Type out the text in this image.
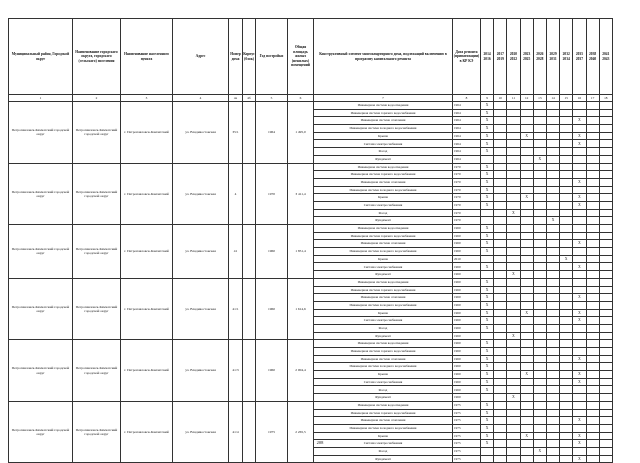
Муниципальный район, Городской округ	Наименование городского округа, городского (сельского) поселения	Наименование населенного пункта	Адрес	Номер дома	Корпус (блок)	Год постройки	Общая площадь жилых (нежилых) помещений	Конструктивный элемент многоквартирного дома, подлежащий включению в программу капитального ремонта	Дата ремонта (приватизации) в КР КЭ	2014 2016	2017 2019	2020 2022	2023 2025	2026 2028	2029 2031	2032 2034	2035 2037	2038 2040	2041 2043
1	2	3	4	4а	4б	5	6	7	8	9	10	11	12	13	14	15	16	17	18
Петропавловск-Камчатский городской округ	Петропавловск-Камчатский городской округ	г. Петропавловск-Камчатский	ул. Владивостокская	35/1		1964	1 495,0	Инженерная система водоотведения	1964	X									
								Инженерная система горячего водоснабжения	1964	X									
								Инженерная система отопления	1964	X							X		
								Инженерная система холодного водоснабжения	1964	X									
								Крыша	1964	X			X				X		
								Система электроснабжения	1964	X							X		
								Фасад	1964	X									
								Фундамент	1964					X					
Петропавловск-Камчатский городской округ	Петропавловск-Камчатский городской округ	г. Петропавловск-Камчатский	ул. Владивостокская	4		1970	3 411,4	Инженерная система водоотведения	1970	X									
								Инженерная система горячего водоснабжения	1970	X									
								Инженерная система отопления	1970	X							X		
								Инженерная система холодного водоснабжения	1970	X									
								Крыша	1970	X			X				X		
								Система электроснабжения	1970	X							X		
								Фасад	1970			X							
								Фундамент	1970						X				
Петропавловск-Камчатский городской округ	Петропавловск-Камчатский городской округ	г. Петропавловск-Камчатский	ул. Владивостокская	41		1960	1 851,4	Инженерная система водоотведения	1960	X									
								Инженерная система горячего водоснабжения	1960	X									
								Инженерная система отопления	1960	X							X		
								Инженерная система холодного водоснабжения	1960	X									
								Крыша	2010							X			
								Система электроснабжения	1960	X							X		
								Фундамент	1960			X							
Петропавловск-Камчатский городской округ	Петропавловск-Камчатский городской округ	г. Петропавловск-Камчатский	ул. Владивостокская	41/1		1960	1 614,6	Инженерная система водоотведения	1960	X									
								Инженерная система горячего водоснабжения	1960	X									
								Инженерная система отопления	1960	X							X		
								Инженерная система холодного водоснабжения	1960	X									
								Крыша	1960	X			X				X		
								Система электроснабжения	1960	X							X		
								Фасад	1960	X									
								Фундамент	1960			X							
Петропавловск-Камчатский городской округ	Петропавловск-Камчатский городской округ	г. Петропавловск-Камчатский	ул. Владивостокская	41/3		1960	2 004,4	Инженерная система водоотведения	1960	X									
								Инженерная система горячего водоснабжения	1960	X									
								Инженерная система отопления	1960	X							X		
								Инженерная система холодного водоснабжения	1960	X									
								Крыша	1960	X			X				X		
								Система электроснабжения	1960	X							X		
								Фасад	1960	X									
								Фундамент	1960			X							
Петропавловск-Камчатский городской округ	Петропавловск-Камчатский городской округ	г. Петропавловск-Камчатский	ул. Владивостокская	41/4		1975	2 265,5	Инженерная система водоотведения	1975	X									
								Инженерная система горячего водоснабжения	1975	X									
								Инженерная система отопления	1975	X							X		
								Инженерная система холодного водоснабжения	1975	X									
								Крыша	1975	X			X				X		
								Система электроснабжения	1975	X							X		
								Фасад	1975					X					
								Фундамент	1975								X		
208
